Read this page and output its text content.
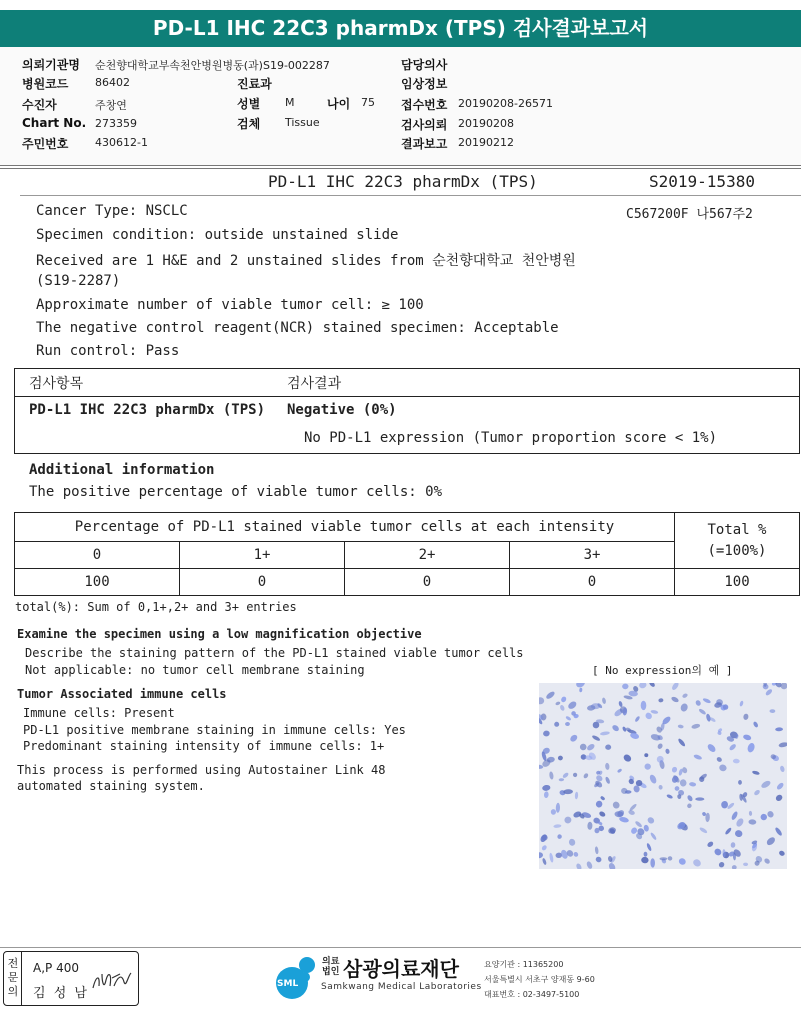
PD-L1 IHC 22C3 pharmDx (TPS) 검사결과보고서
의뢰기관명 순천향대학교부속천안병원병동(과)S19-002287
병원코드 86402
수진자	주창연
Chart No. 273359
주민번호 430612-1
진료과
성별 M	나이 75
검체 Tissue
담당의사
임상정보
접수번호 20190208-26571
검사의뢰 20190208
결과보고 20190212
PD-L1 IHC 22C3 pharmDx (TPS)	S2019-15380
C567200F 나567주2
Cancer Type: NSCLC
Specimen condition: outside unstained slide
Received are 1 H&E and 2 unstained slides from 순천향대학교 천안병원
(S19-2287)
Approximate number of viable tumor cell: ≥ 100
The negative control reagent(NCR) stained specimen: Acceptable
Run control: Pass
검사항목	검사결과
PD-L1 IHC 22C3 pharmDx (TPS) Negative (0%)
No PD-L1 expression (Tumor proportion score < 1%)
Additional information
The positive percentage of viable tumor cells: 0%
Percentage of PD-L1 stained viable tumor cells at each intensity	Total %
(=100%)
0	1+	2+	3+
100	0	0	0	100
total(%): Sum of 0,1+,2+ and 3+ entries
Examine the specimen using a low magnification objective
Describe the staining pattern of the PD-L1 stained viable tumor cells
Not applicable: no tumor cell membrane staining	[ No expression의 예 ]
Tumor Associated immune cells
Immune cells: Present
PD-L1 positive membrane staining in immune cells: Yes
Predominant staining intensity of immune cells: 1+
This process is performed using Autostainer Link 48
automated staining system.
전문의
A,P 400
김 성 남
SML
의료
법인 삼광의료재단
Samkwang Medical Laboratories
요양기관 : 11365200
서울특별시 서초구 양재동 9-60
대표번호 : 02-3497-5100
